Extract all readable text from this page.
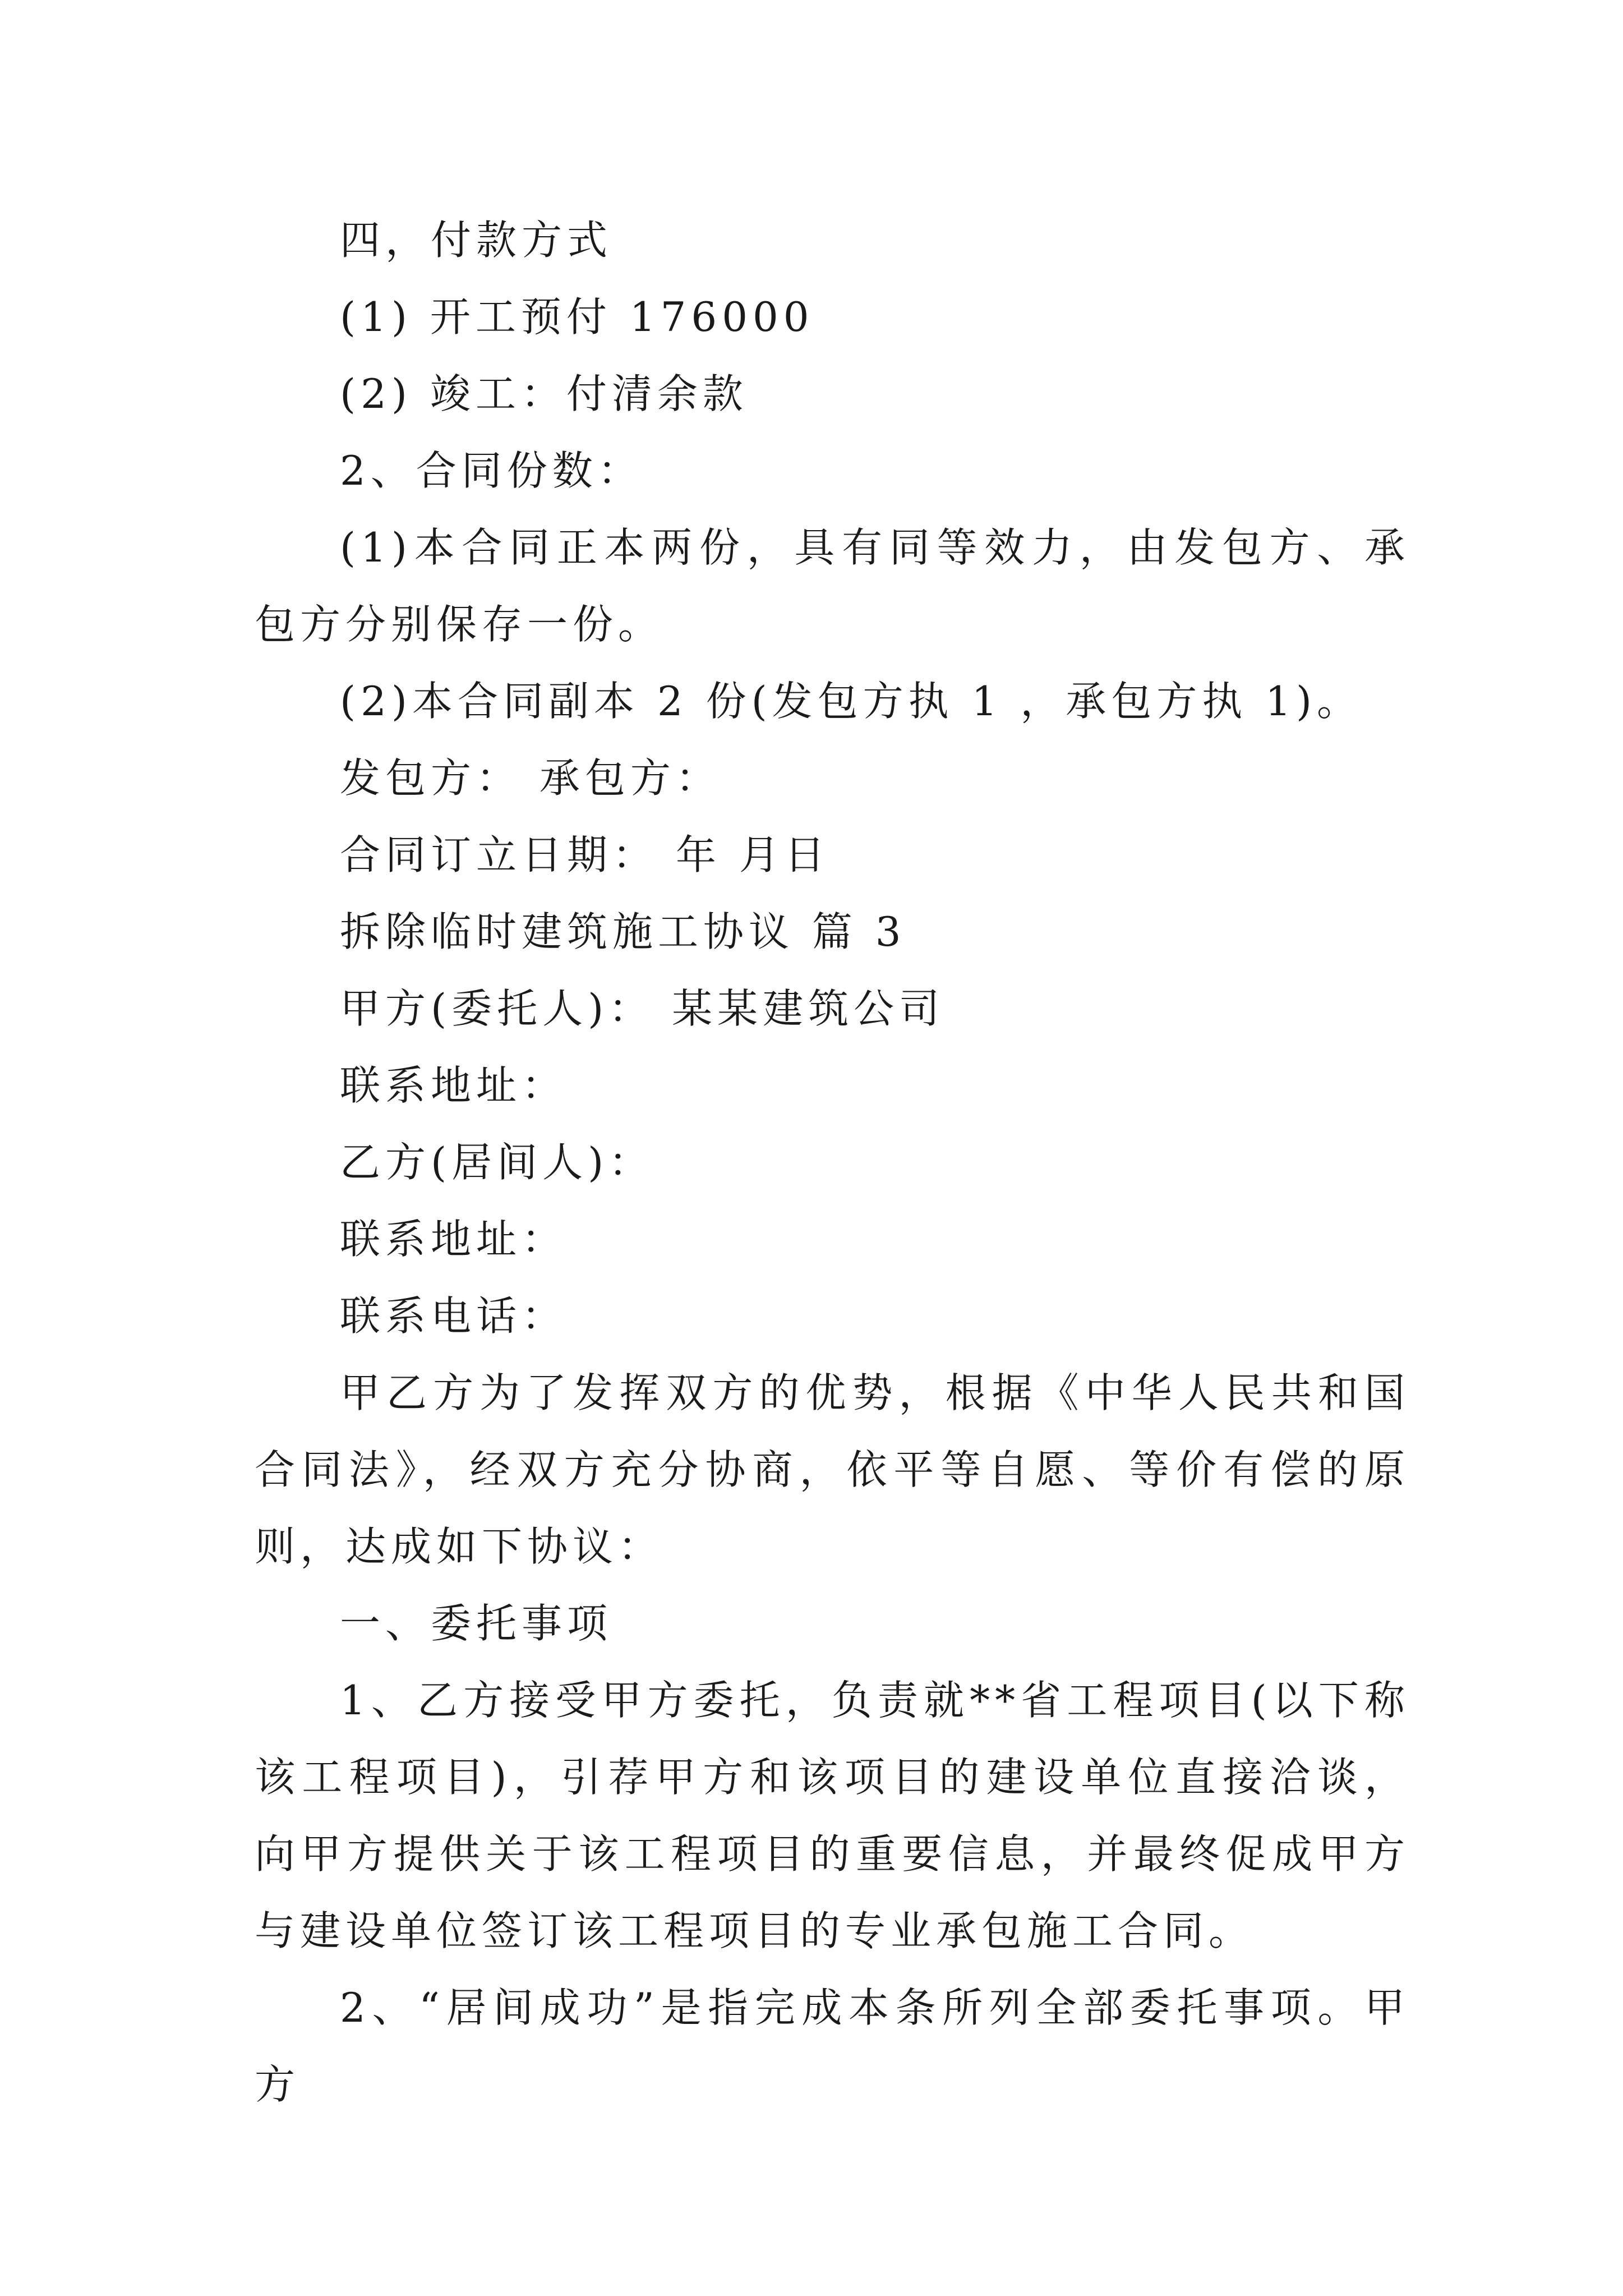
四，付款方式

(1) 开工预付 176000

(2) 竣工：付清余款

2、合同份数：

(1)本合同正本两份，具有同等效力，由发包方、承包方分别保存一份。

(2)本合同副本 2 份(发包方执 1 ，承包方执 1)。

发包方： 承包方：

合同订立日期： 年 月日

拆除临时建筑施工协议 篇 3

甲方(委托人)： 某某建筑公司

联系地址：

乙方(居间人)：

联系地址：

联系电话：

甲乙方为了发挥双方的优势，根据《中华人民共和国合同法》，经双方充分协商，依平等自愿、等价有偿的原则，达成如下协议：

一、委托事项

1、乙方接受甲方委托，负责就**省工程项目(以下称该工程项目)，引荐甲方和该项目的建设单位直接洽谈，向甲方提供关于该工程项目的重要信息，并最终促成甲方与建设单位签订该工程项目的专业承包施工合同。

2、“居间成功”是指完成本条所列全部委托事项。甲方
